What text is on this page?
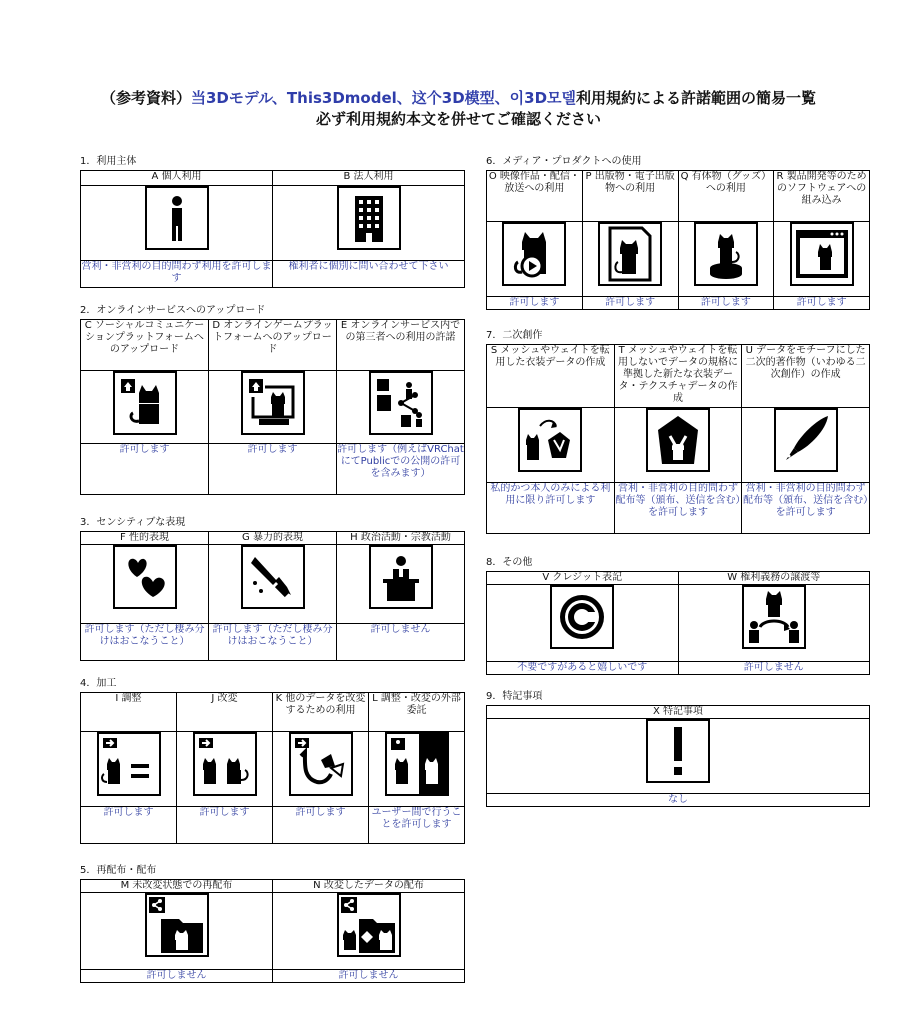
（参考資料）当3Dモデル、This3Dmodel、这个3D模型、이3D모델利用規約による許諾範囲の簡易一覧
必ず利用規約本文を併せてご確認ください
1．利用主体
A 個人利用	B 法人利用

営利・非営利の目的問わず利用を許可します	権利者に個別に問い合わせて下さい
2．オンラインサービスへのアップロード
C ソーシャルコミュニケーションプラットフォームへのアップロード	D オンラインゲームプラットフォームへのアップロード	E オンラインサービス内での第三者への利用の許諾

許可します	許可します	許可します（例えばVRChatにてPublicでの公開の許可を含みます）
3．センシティブな表現
F 性的表現	G 暴力的表現	H 政治活動・宗教活動

許可します（ただし棲み分けはおこなうこと）	許可します（ただし棲み分けはおこなうこと）	許可しません
4．加工
I 調整	J 改変	K 他のデータを改変するための利用	L 調整・改変の外部委託

許可します	許可します	許可します	ユーザー間で行うことを許可します
5．再配布・配布
M 未改変状態での再配布	N 改変したデータの配布

許可しません	許可しません
6．メディア・プロダクトへの使用
O 映像作品・配信・放送への利用	P 出版物・電子出版物への利用	Q 有体物（グッズ）への利用	R 製品開発等のためのソフトウェアへの組み込み

許可します	許可します	許可します	許可します
7．二次創作
S メッシュやウェイトを転用した衣装データの作成	T メッシュやウェイトを転用しないでデータの規格に準拠した新たな衣装データ・テクスチャデータの作成	U データをモチーフにした二次的著作物（いわゆる二次創作）の作成

私的かつ本人のみによる利用に限り許可します	営利・非営利の目的問わず配布等（頒布、送信を含む）を許可します	営利・非営利の目的問わず配布等（頒布、送信を含む）を許可します
8．その他
V クレジット表記	W 権利義務の譲渡等

不要ですがあると嬉しいです	許可しません
9．特記事項
X 特記事項

なし
